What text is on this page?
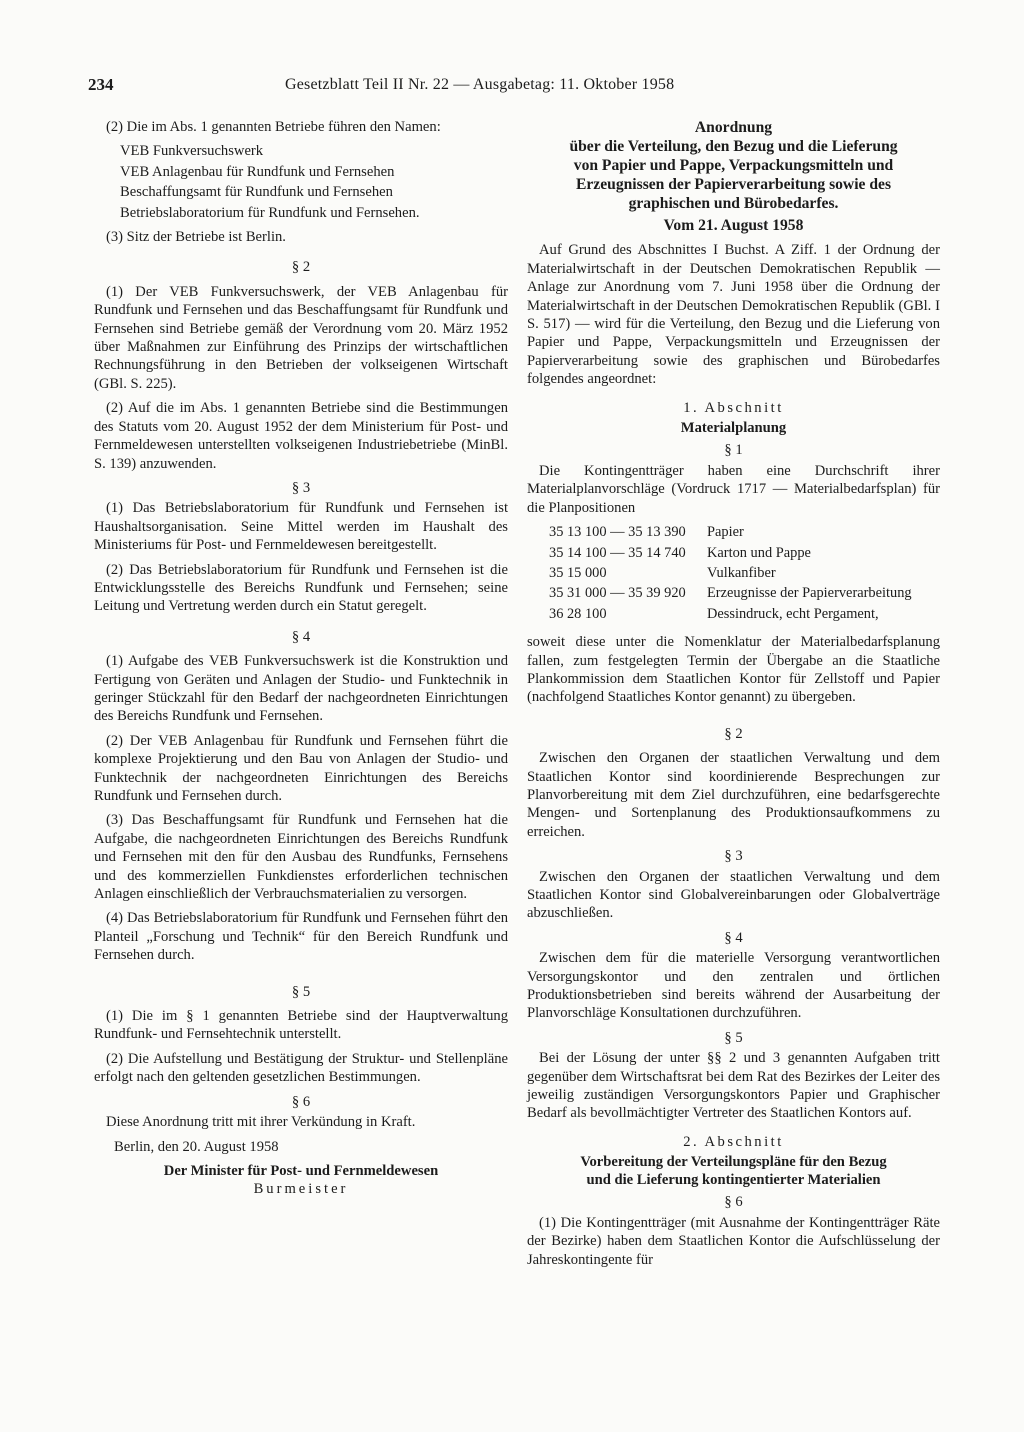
234	Gesetzblatt Teil II Nr. 22 — Ausgabetag: 11. Oktober 1958

(2) Die im Abs. 1 genannten Betriebe führen den Namen:

VEB Funkversuchswerk

VEB Anlagenbau für Rundfunk und Fernsehen

Beschaffungsamt für Rundfunk und Fernsehen

Betriebslaboratorium für Rundfunk und Fernsehen.

(3) Sitz der Betriebe ist Berlin.

§ 2

(1) Der VEB Funkversuchswerk, der VEB Anlagenbau für Rundfunk und Fernsehen und das Beschaffungsamt für Rundfunk und Fernsehen sind Betriebe gemäß der Verordnung vom 20. März 1952 über Maßnahmen zur Einführung des Prinzips der wirtschaftlichen Rechnungsführung in den Betrieben der volkseigenen Wirtschaft (GBl. S. 225).

(2) Auf die im Abs. 1 genannten Betriebe sind die Bestimmungen des Statuts vom 20. August 1952 der dem Ministerium für Post- und Fernmeldewesen unterstellten volkseigenen Industriebetriebe (MinBl. S. 139) anzuwenden.

§ 3

(1) Das Betriebslaboratorium für Rundfunk und Fernsehen ist Haushaltsorganisation. Seine Mittel werden im Haushalt des Ministeriums für Post- und Fernmeldewesen bereitgestellt.

(2) Das Betriebslaboratorium für Rundfunk und Fernsehen ist die Entwicklungsstelle des Bereichs Rundfunk und Fernsehen; seine Leitung und Vertretung werden durch ein Statut geregelt.

§ 4

(1) Aufgabe des VEB Funkversuchswerk ist die Konstruktion und Fertigung von Geräten und Anlagen der Studio- und Funktechnik in geringer Stückzahl für den Bedarf der nachgeordneten Einrichtungen des Bereichs Rundfunk und Fernsehen.

(2) Der VEB Anlagenbau für Rundfunk und Fernsehen führt die komplexe Projektierung und den Bau von Anlagen der Studio- und Funktechnik der nachgeordneten Einrichtungen des Bereichs Rundfunk und Fernsehen durch.

(3) Das Beschaffungsamt für Rundfunk und Fernsehen hat die Aufgabe, die nachgeordneten Einrichtungen des Bereichs Rundfunk und Fernsehen mit den für den Ausbau des Rundfunks, Fernsehens und des kommerziellen Funkdienstes erforderlichen technischen Anlagen einschließlich der Verbrauchsmaterialien zu versorgen.

(4) Das Betriebslaboratorium für Rundfunk und Fernsehen führt den Planteil „Forschung und Technik“ für den Bereich Rundfunk und Fernsehen durch.

§ 5

(1) Die im § 1 genannten Betriebe sind der Hauptverwaltung Rundfunk- und Fernsehtechnik unterstellt.

(2) Die Aufstellung und Bestätigung der Struktur- und Stellenpläne erfolgt nach den geltenden gesetzlichen Bestimmungen.

§ 6

Diese Anordnung tritt mit ihrer Verkündung in Kraft.

Berlin, den 20. August 1958

Der Minister für Post- und Fernmeldewesen

Burmeister

Anordnung

über die Verteilung, den Bezug und die Lieferung

von Papier und Pappe, Verpackungsmitteln und

Erzeugnissen der Papierverarbeitung sowie des

graphischen und Bürobedarfes.

Vom 21. August 1958

Auf Grund des Abschnittes I Buchst. A Ziff. 1 der Ordnung der Materialwirtschaft in der Deutschen Demokratischen Republik — Anlage zur Anordnung vom 7. Juni 1958 über die Ordnung der Materialwirtschaft in der Deutschen Demokratischen Republik (GBl. I S. 517) — wird für die Verteilung, den Bezug und die Lieferung von Papier und Pappe, Verpackungsmitteln und Erzeugnissen der Papierverarbeitung sowie des graphischen und Bürobedarfes folgendes angeordnet:

1. Abschnitt
Materialplanung
§ 1

Die Kontingentträger haben eine Durchschrift ihrer Materialplanvorschläge (Vordruck 1717 — Materialbedarfsplan) für die Planpositionen

35 13 100 — 35 13 390	Papier
35 14 100 — 35 14 740	Karton und Pappe
35 15 000	Vulkanfiber
35 31 000 — 35 39 920	Erzeugnisse der Papierverarbeitung
36 28 100	Dessindruck, echt Pergament,

soweit diese unter die Nomenklatur der Materialbedarfsplanung fallen, zum festgelegten Termin der Übergabe an die Staatliche Plankommission dem Staatlichen Kontor für Zellstoff und Papier (nachfolgend Staatliches Kontor genannt) zu übergeben.

§ 2

Zwischen den Organen der staatlichen Verwaltung und dem Staatlichen Kontor sind koordinierende Besprechungen zur Planvorbereitung mit dem Ziel durchzuführen, eine bedarfsgerechte Mengen- und Sortenplanung des Produktionsaufkommens zu erreichen.

§ 3

Zwischen den Organen der staatlichen Verwaltung und dem Staatlichen Kontor sind Globalvereinbarungen oder Globalverträge abzuschließen.

§ 4

Zwischen dem für die materielle Versorgung verantwortlichen Versorgungskontor und den zentralen und örtlichen Produktionsbetrieben sind bereits während der Ausarbeitung der Planvorschläge Konsultationen durchzuführen.

§ 5

Bei der Lösung der unter §§ 2 und 3 genannten Aufgaben tritt gegenüber dem Wirtschaftsrat bei dem Rat des Bezirkes der Leiter des jeweilig zuständigen Versorgungskontors Papier und Graphischer Bedarf als bevollmächtigter Vertreter des Staatlichen Kontors auf.

2. Abschnitt

Vorbereitung der Verteilungspläne für den Bezug

und die Lieferung kontingentierter Materialien

§ 6

(1) Die Kontingentträger (mit Ausnahme der Kontingentträger Räte der Bezirke) haben dem Staatlichen Kontor die Aufschlüsselung der Jahreskontingente für
